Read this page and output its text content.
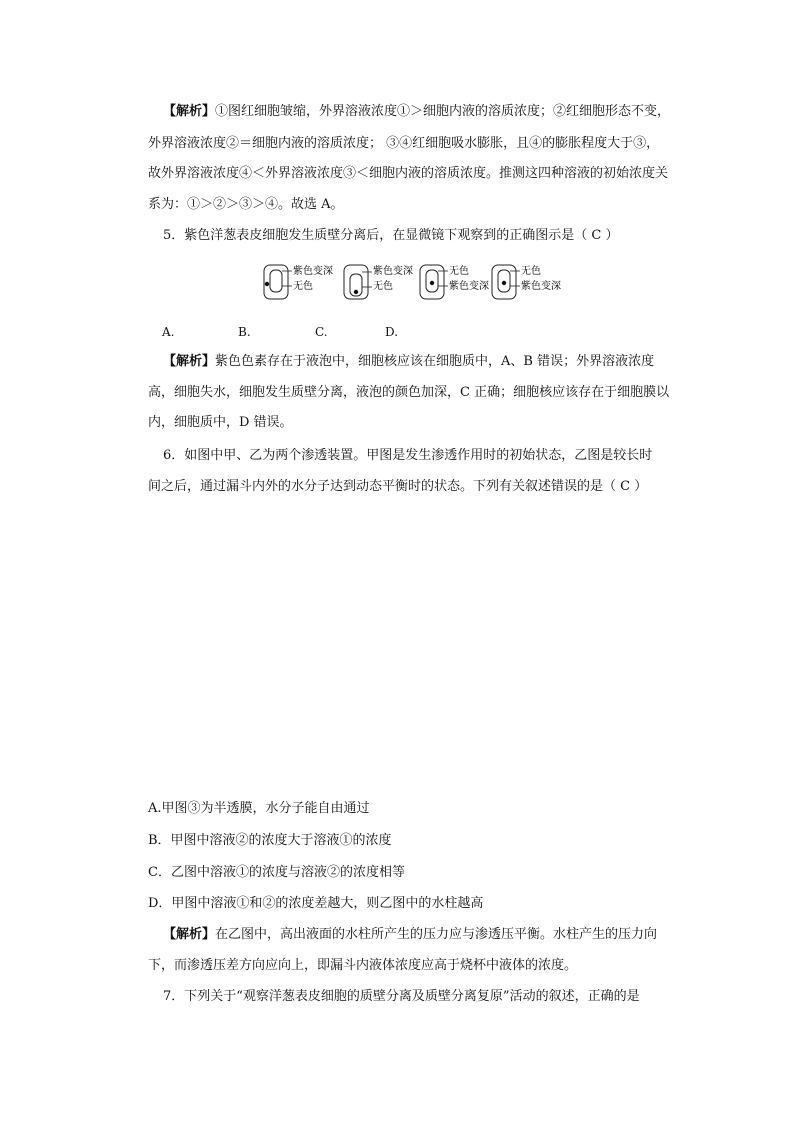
【解析】①图红细胞皱缩，外界溶液浓度①＞细胞内液的溶质浓度；②红细胞形态不变，
外界溶液浓度②＝细胞内液的溶质浓度； ③④红细胞吸水膨胀，且④的膨胀程度大于③，
故外界溶液浓度④＜外界溶液浓度③＜细胞内液的溶质浓度。推测这四种溶液的初始浓度关
系为：①＞②＞③＞④。故选 A。
5．紫色洋葱表皮细胞发生质壁分离后，在显微镜下观察到的正确图示是（ C ）
紫色变深
无色
紫色变深
无色
无色
紫色变深
无色
紫色变深
A.	B.	C.	D.
【解析】紫色色素存在于液泡中，细胞核应该在细胞质中，A、B 错误；外界溶液浓度
高，细胞失水，细胞发生质壁分离，液泡的颜色加深，C 正确；细胞核应该存在于细胞膜以
内，细胞质中，D 错误。
6．如图中甲、乙为两个渗透装置。甲图是发生渗透作用时的初始状态，乙图是较长时
间之后，通过漏斗内外的水分子达到动态平衡时的状态。下列有关叙述错误的是（ C ）
A.甲图③为半透膜，水分子能自由通过
B．甲图中溶液②的浓度大于溶液①的浓度
C．乙图中溶液①的浓度与溶液②的浓度相等
D．甲图中溶液①和②的浓度差越大，则乙图中的水柱越高
【解析】在乙图中，高出液面的水柱所产生的压力应与渗透压平衡。水柱产生的压力向
下，而渗透压差方向应向上，即漏斗内液体浓度应高于烧杯中液体的浓度。
7．下列关于“观察洋葱表皮细胞的质壁分离及质壁分离复原”活动的叙述，正确的是
